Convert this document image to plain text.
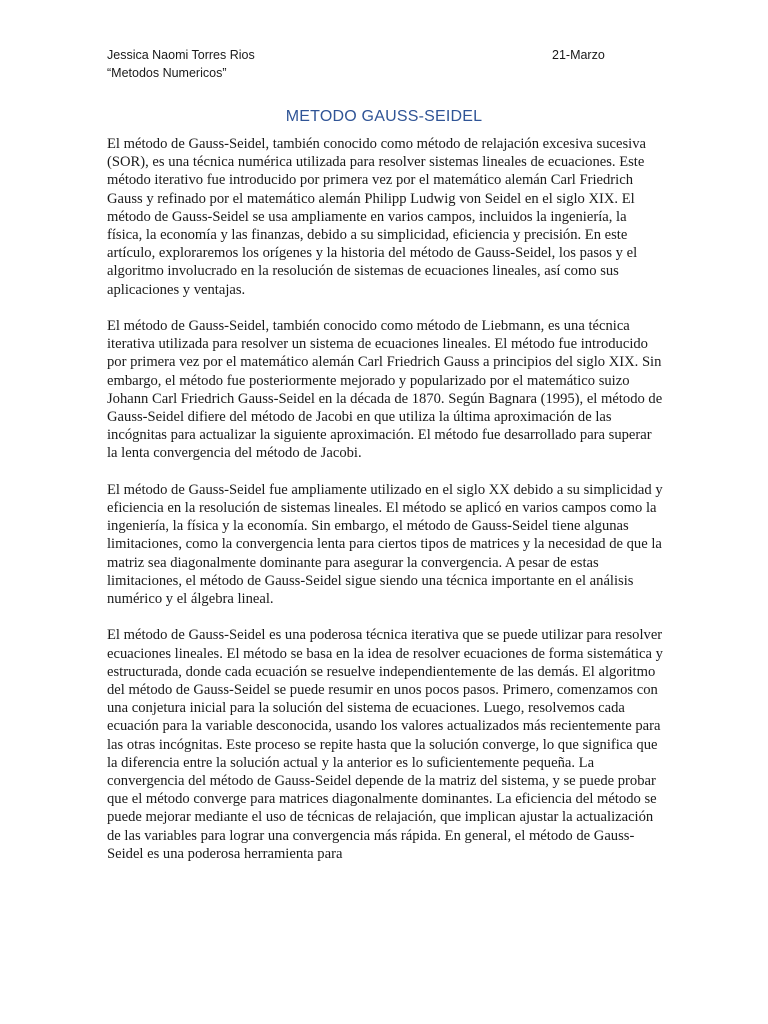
Jessica Naomi Torres Rios
“Metodos Numericos”
21-Marzo
METODO GAUSS-SEIDEL

El método de Gauss-Seidel, también conocido como método de relajación excesiva sucesiva (SOR), es una técnica numérica utilizada para resolver sistemas lineales de ecuaciones. Este método iterativo fue introducido por primera vez por el matemático alemán Carl Friedrich Gauss y refinado por el matemático alemán Philipp Ludwig von Seidel en el siglo XIX. El método de Gauss-Seidel se usa ampliamente en varios campos, incluidos la ingeniería, la física, la economía y las finanzas, debido a su simplicidad, eficiencia y precisión. En este artículo, exploraremos los orígenes y la historia del método de Gauss-Seidel, los pasos y el algoritmo involucrado en la resolución de sistemas de ecuaciones lineales, así como sus aplicaciones y ventajas.

El método de Gauss-Seidel, también conocido como método de Liebmann, es una técnica iterativa utilizada para resolver un sistema de ecuaciones lineales. El método fue introducido por primera vez por el matemático alemán Carl Friedrich Gauss a principios del siglo XIX. Sin embargo, el método fue posteriormente mejorado y popularizado por el matemático suizo Johann Carl Friedrich Gauss-Seidel en la década de 1870. Según Bagnara (1995), el método de Gauss-Seidel difiere del método de Jacobi en que utiliza la última aproximación de las incógnitas para actualizar la siguiente aproximación. El método fue desarrollado para superar la lenta convergencia del método de Jacobi.

El método de Gauss-Seidel fue ampliamente utilizado en el siglo XX debido a su simplicidad y eficiencia en la resolución de sistemas lineales. El método se aplicó en varios campos como la ingeniería, la física y la economía. Sin embargo, el método de Gauss-Seidel tiene algunas limitaciones, como la convergencia lenta para ciertos tipos de matrices y la necesidad de que la matriz sea diagonalmente dominante para asegurar la convergencia. A pesar de estas limitaciones, el método de Gauss-Seidel sigue siendo una técnica importante en el análisis numérico y el álgebra lineal.

El método de Gauss-Seidel es una poderosa técnica iterativa que se puede utilizar para resolver ecuaciones lineales. El método se basa en la idea de resolver ecuaciones de forma sistemática y estructurada, donde cada ecuación se resuelve independientemente de las demás. El algoritmo del método de Gauss-Seidel se puede resumir en unos pocos pasos. Primero, comenzamos con una conjetura inicial para la solución del sistema de ecuaciones. Luego, resolvemos cada ecuación para la variable desconocida, usando los valores actualizados más recientemente para las otras incógnitas. Este proceso se repite hasta que la solución converge, lo que significa que la diferencia entre la solución actual y la anterior es lo suficientemente pequeña. La convergencia del método de Gauss-Seidel depende de la matriz del sistema, y se puede probar que el método converge para matrices diagonalmente dominantes. La eficiencia del método se puede mejorar mediante el uso de técnicas de relajación, que implican ajustar la actualización de las variables para lograr una convergencia más rápida. En general, el método de Gauss-Seidel es una poderosa herramienta para
